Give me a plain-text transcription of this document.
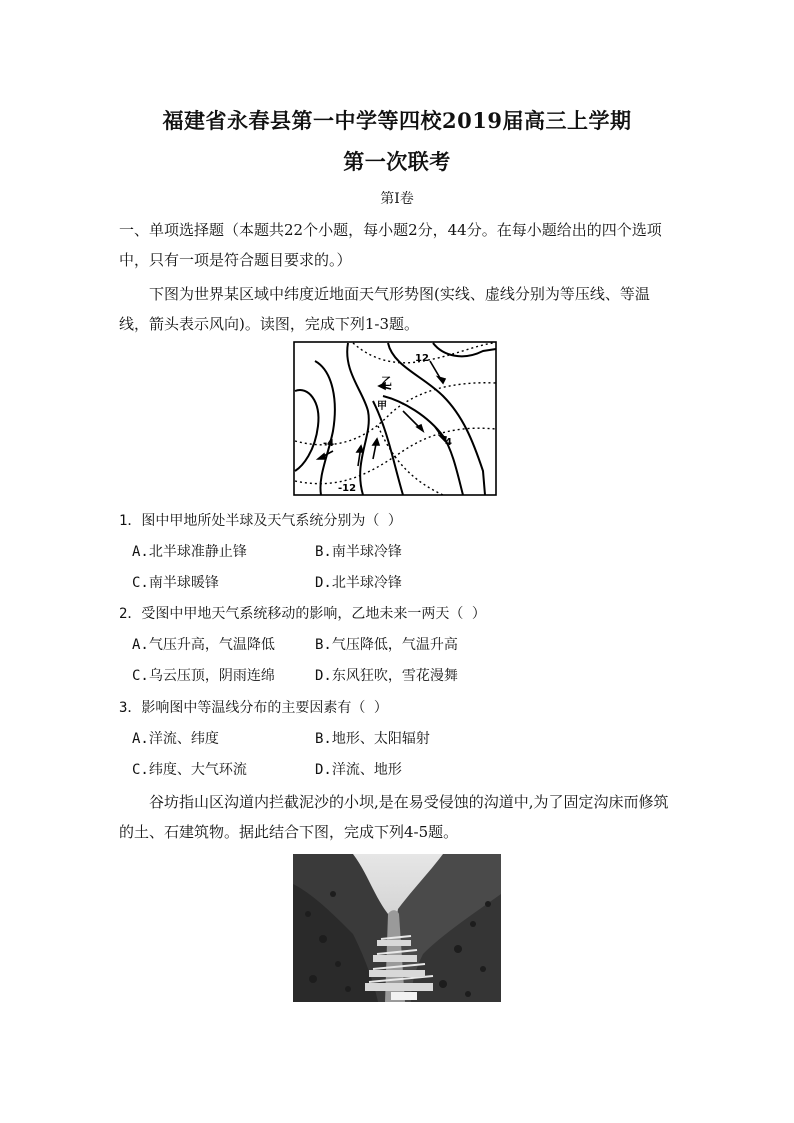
福建省永春县第一中学等四校2019届高三上学期
第一次联考
第I卷
一、单项选择题（本题共22个小题，每小题2分，44分。在每小题给出的四个选项中，只有一项是符合题目要求的。）
下图为世界某区域中纬度近地面天气形势图(实线、虚线分别为等压线、等温线，箭头表示风向)。读图，完成下列1-3题。
12
乙
甲
-4	4
-12
1．图中甲地所处半球及天气系统分别为（ ）
A.北半球准静止锋	B.南半球冷锋
C.南半球暖锋	D.北半球冷锋
2．受图中甲地天气系统移动的影响，乙地未来一两天（ ）
A.气压升高，气温降低	B.气压降低，气温升高
C.乌云压顶，阴雨连绵	D.东风狂吹，雪花漫舞
3．影响图中等温线分布的主要因素有（ ）
A.洋流、纬度	B.地形、太阳辐射
C.纬度、大气环流	D.洋流、地形
谷坊指山区沟道内拦截泥沙的小坝,是在易受侵蚀的沟道中,为了固定沟床而修筑的土、石建筑物。据此结合下图，完成下列4-5题。
